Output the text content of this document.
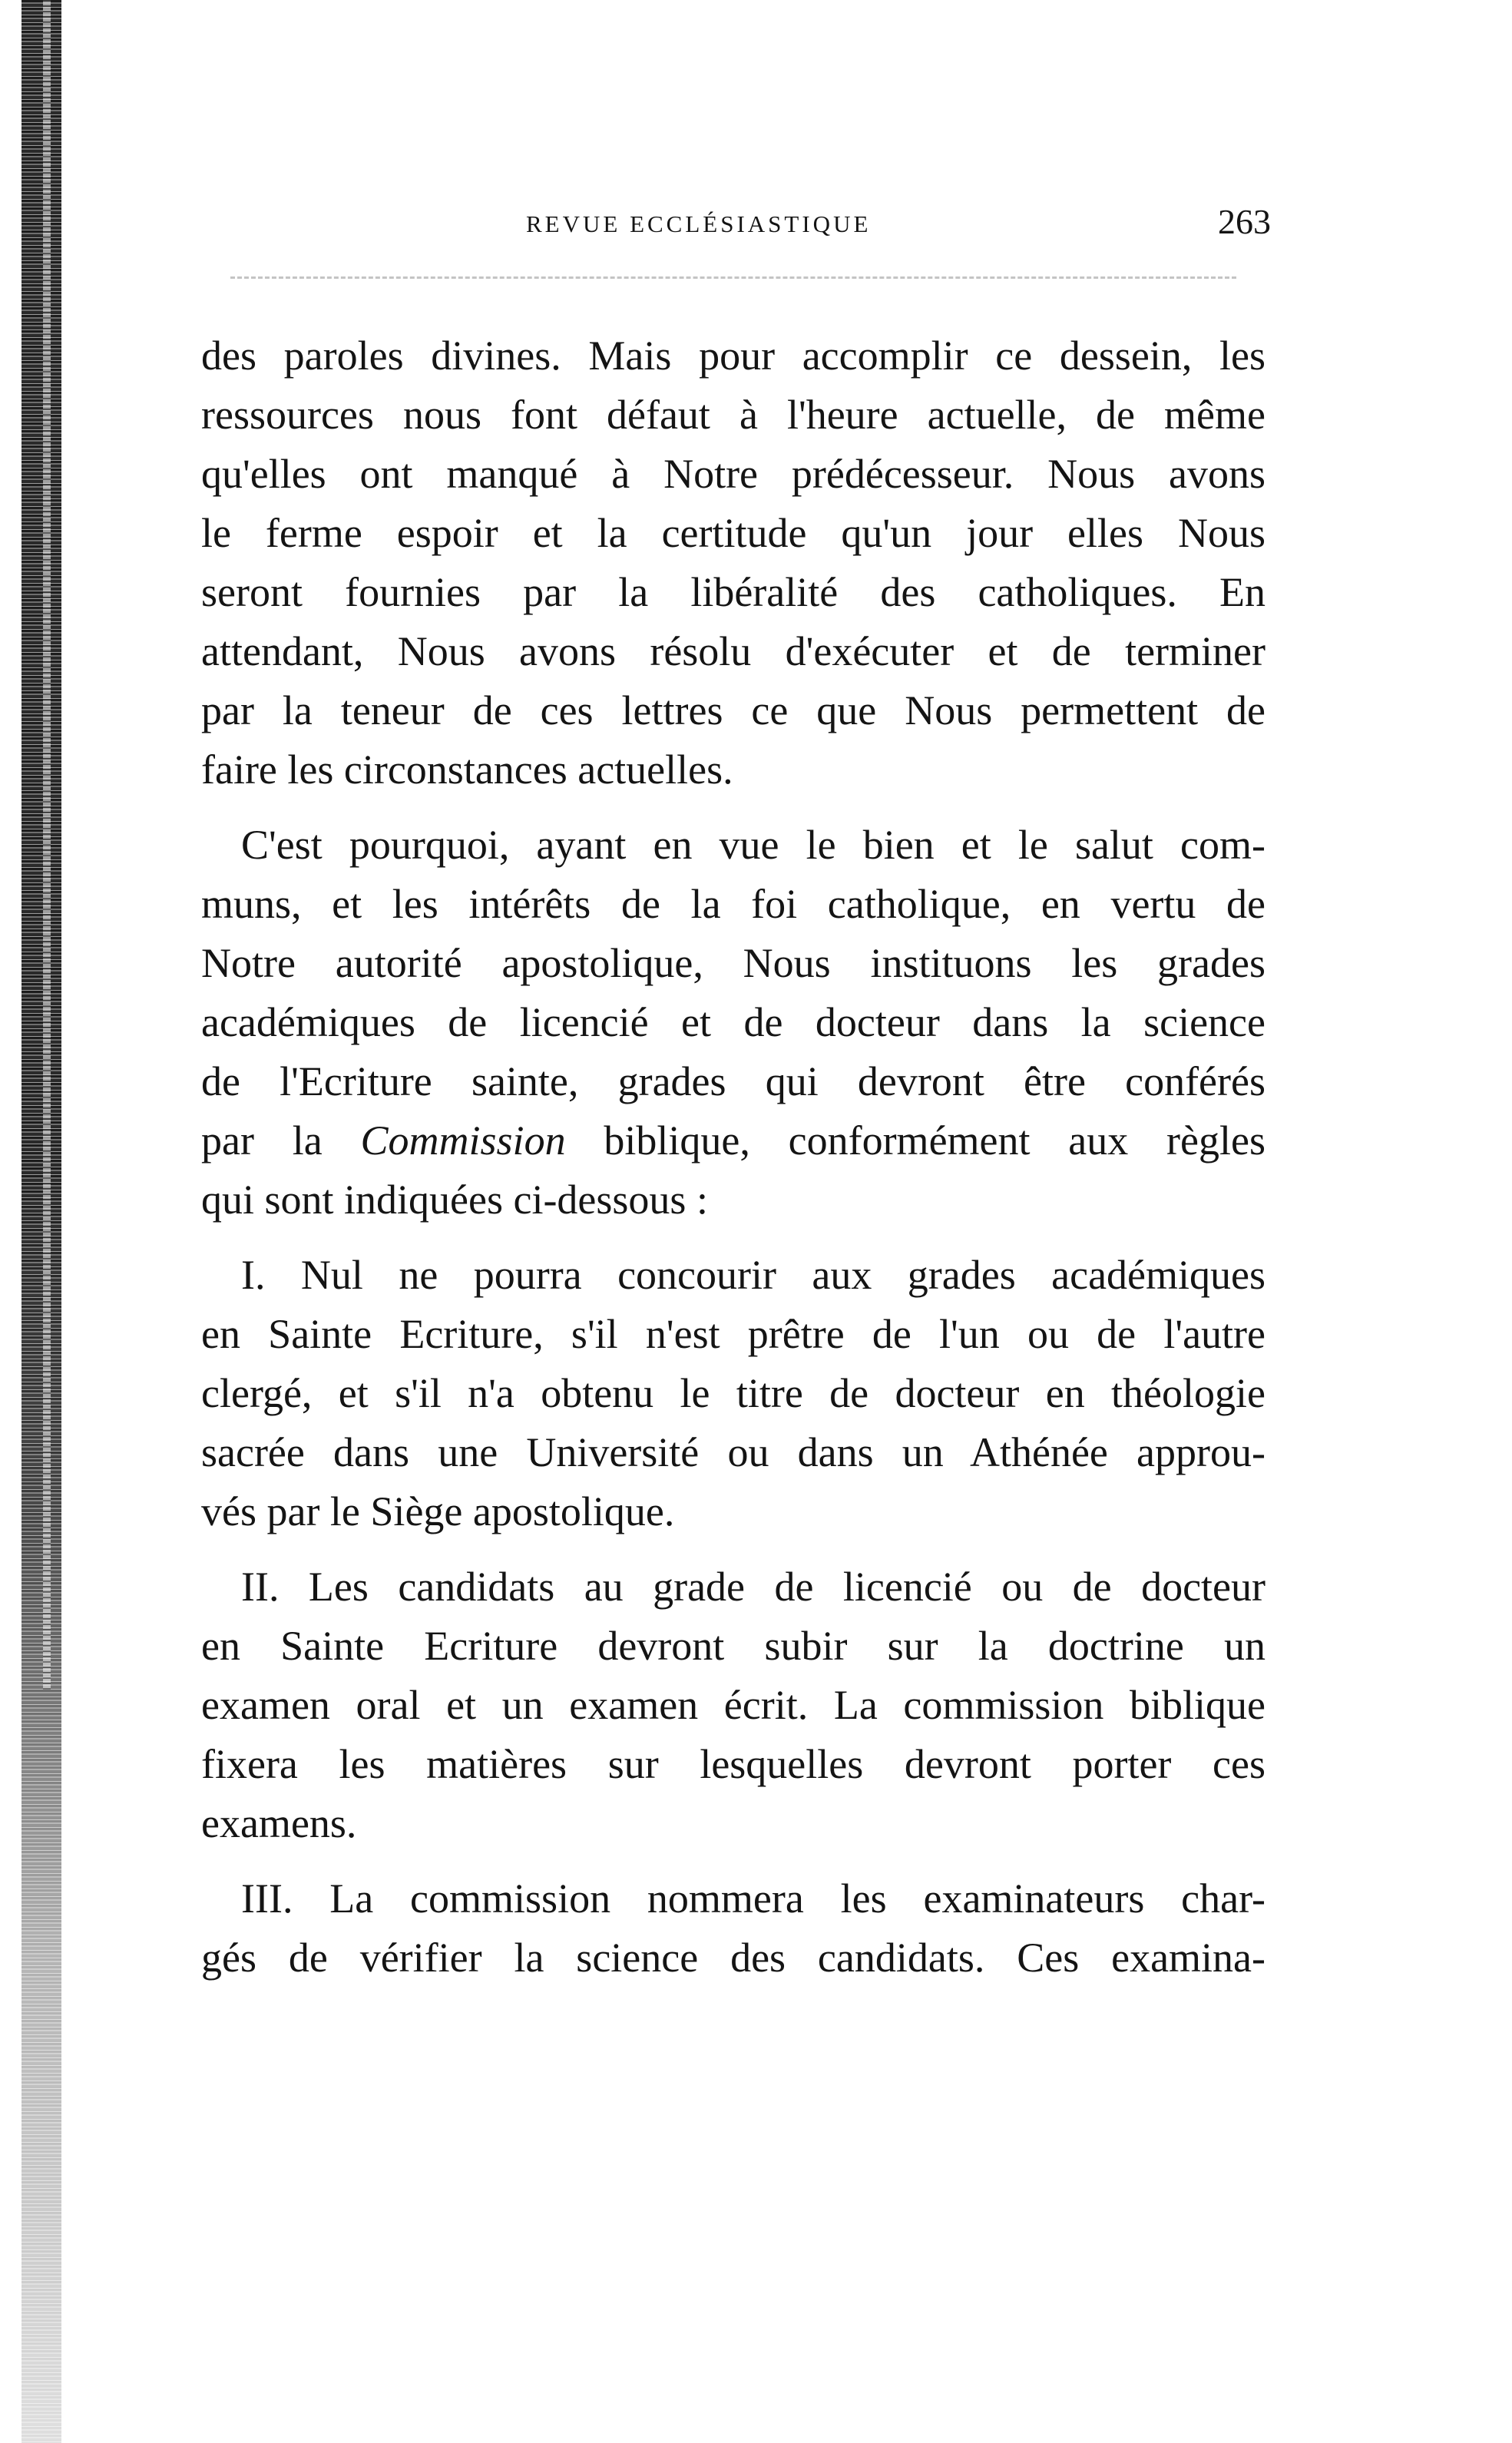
REVUE ECCLÉSIASTIQUE	263
des paroles divines. Mais pour accomplir ce dessein, les
ressources nous font défaut à l'heure actuelle, de même
qu'elles ont manqué à Notre prédécesseur. Nous avons
le ferme espoir et la certitude qu'un jour elles Nous
seront fournies par la libéralité des catholiques. En
attendant, Nous avons résolu d'exécuter et de terminer
par la teneur de ces lettres ce que Nous permettent de
faire les circonstances actuelles.
C'est pourquoi, ayant en vue le bien et le salut com-
muns, et les intérêts de la foi catholique, en vertu de
Notre autorité apostolique, Nous instituons les grades
académiques de licencié et de docteur dans la science
de l'Ecriture sainte, grades qui devront être conférés
par la Commission biblique, conformément aux règles
qui sont indiquées ci-dessous :
I. Nul ne pourra concourir aux grades académiques
en Sainte Ecriture, s'il n'est prêtre de l'un ou de l'autre
clergé, et s'il n'a obtenu le titre de docteur en théologie
sacrée dans une Université ou dans un Athénée approu-
vés par le Siège apostolique.
II. Les candidats au grade de licencié ou de docteur
en Sainte Ecriture devront subir sur la doctrine un
examen oral et un examen écrit. La commission biblique
fixera les matières sur lesquelles devront porter ces
examens.
III. La commission nommera les examinateurs char-
gés de vérifier la science des candidats. Ces examina-
